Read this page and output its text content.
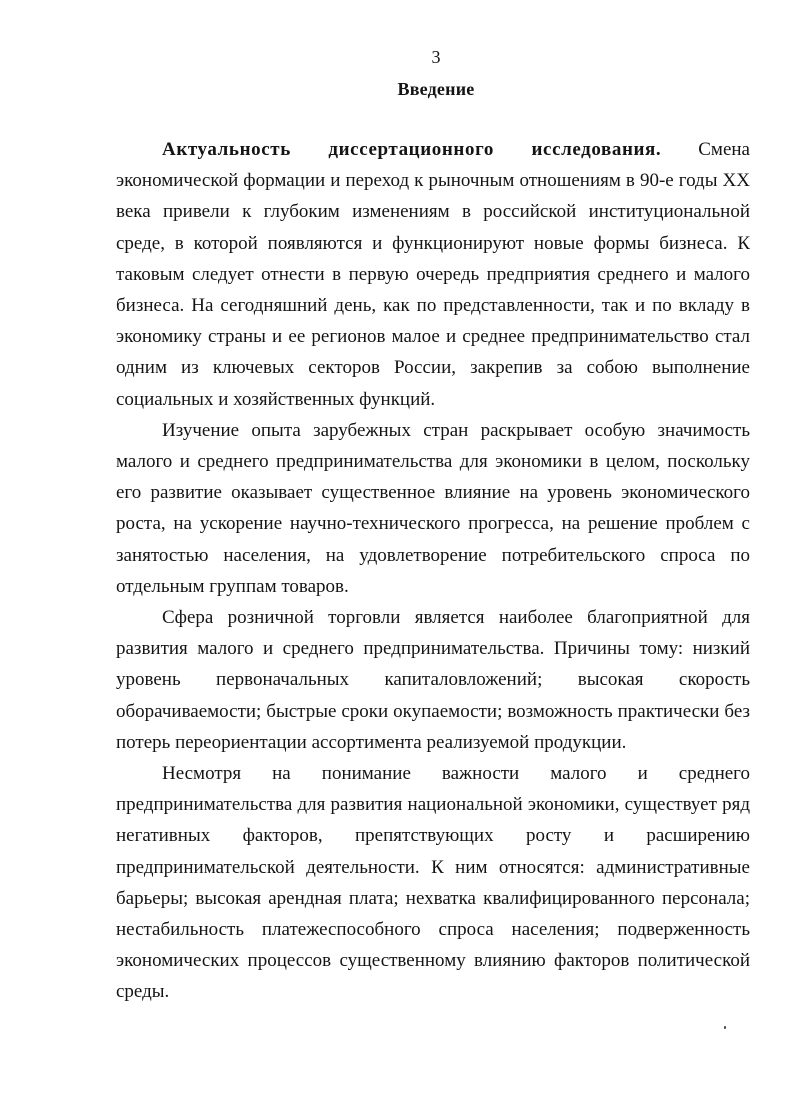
3
Введение

Актуальность диссертационного исследования. Смена экономической формации и переход к рыночным отношениям в 90-е годы XX века привели к глубоким изменениям в российской институциональной среде, в которой появляются и функционируют новые формы бизнеса. К таковым следует отнести в первую очередь предприятия среднего и малого бизнеса. На сегодняшний день, как по представленности, так и по вкладу в экономику страны и ее регионов малое и среднее предпринимательство стал одним из ключевых секторов России, закрепив за собою выполнение социальных и хозяйственных функций.

Изучение опыта зарубежных стран раскрывает особую значимость малого и среднего предпринимательства для экономики в целом, поскольку его развитие оказывает существенное влияние на уровень экономического роста, на ускорение научно-технического прогресса, на решение проблем с занятостью населения, на удовлетворение потребительского спроса по отдельным группам товаров.

Сфера розничной торговли является наиболее благоприятной для развития малого и среднего предпринимательства. Причины тому: низкий уровень первоначальных капиталовложений; высокая скорость оборачиваемости; быстрые сроки окупаемости; возможность практически без потерь переориентации ассортимента реализуемой продукции.

Несмотря на понимание важности малого и среднего предпринимательства для развития национальной экономики, существует ряд негативных факторов, препятствующих росту и расширению предпринимательской деятельности. К ним относятся: административные барьеры; высокая арендная плата; нехватка квалифицированного персонала; нестабильность платежеспособного спроса населения; подверженность экономических процессов существенному влиянию факторов политической среды.
